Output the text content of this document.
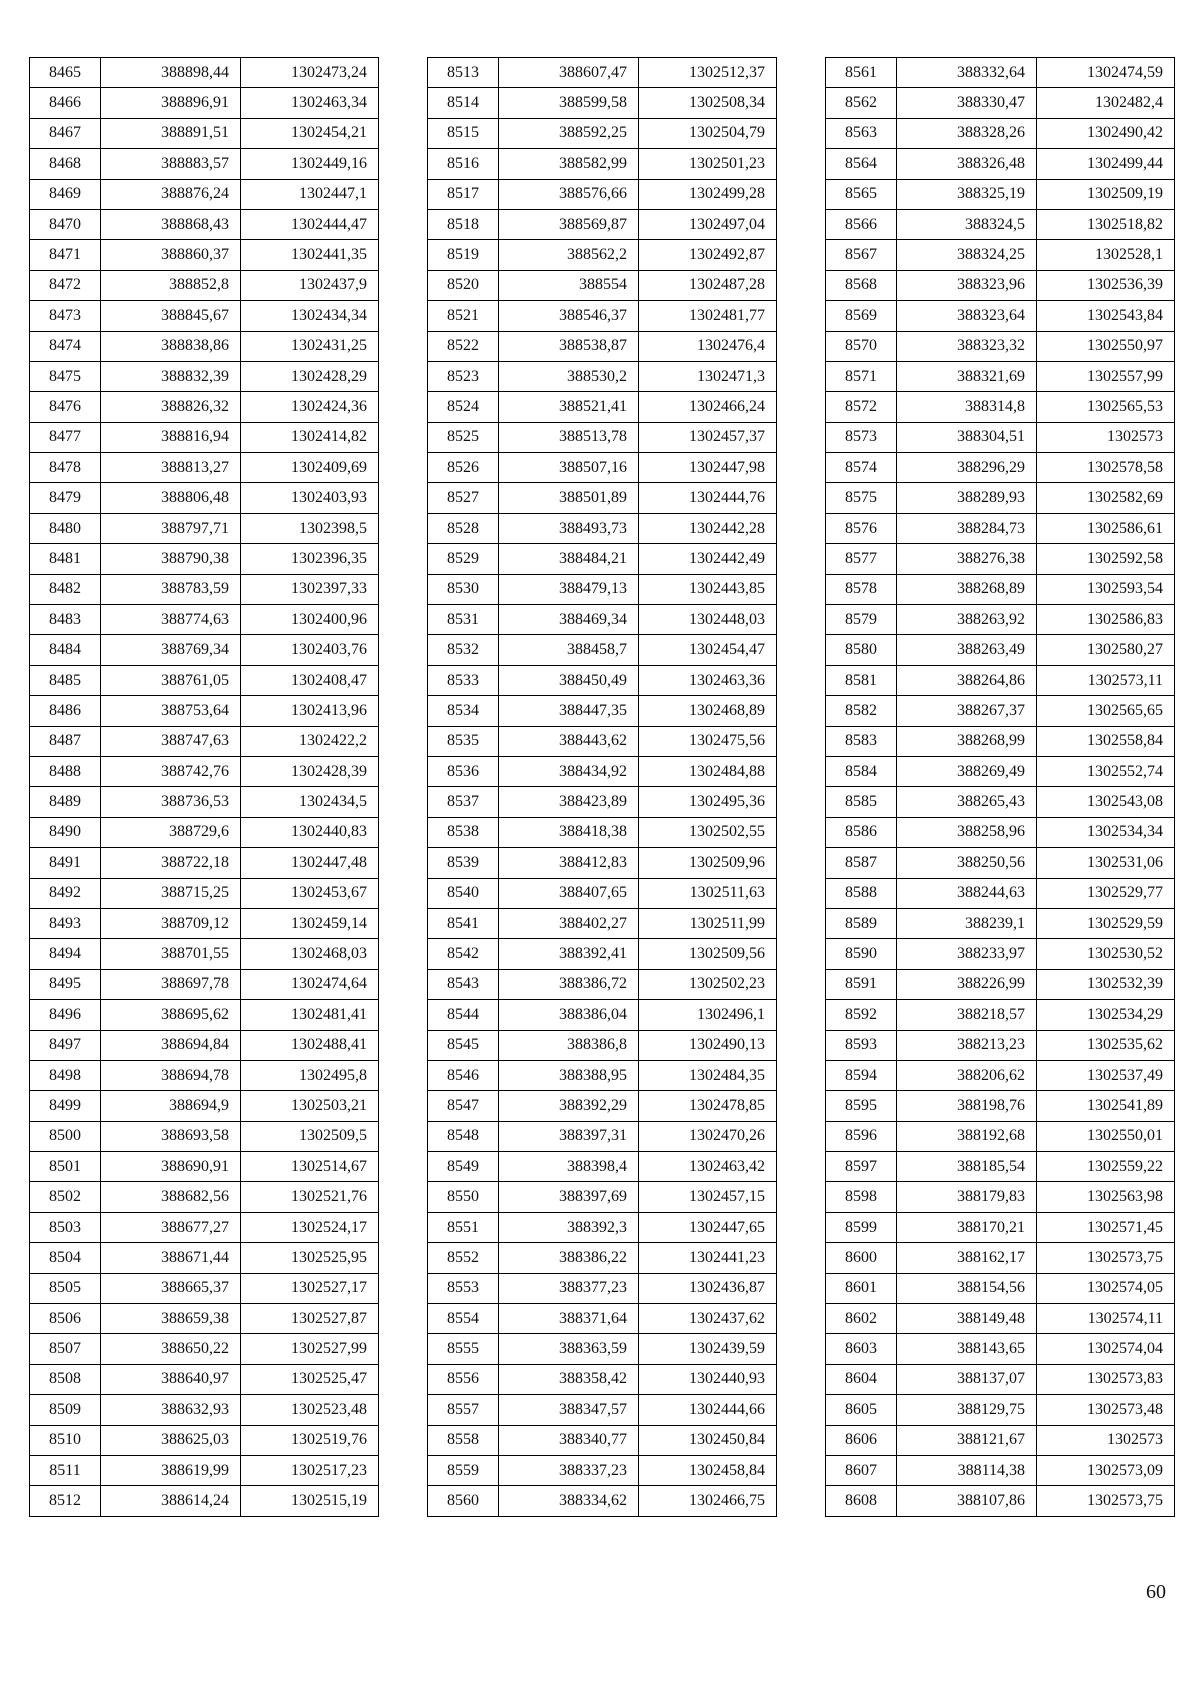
8465	388898,44	1302473,24
8466	388896,91	1302463,34
8467	388891,51	1302454,21
8468	388883,57	1302449,16
8469	388876,24	1302447,1
8470	388868,43	1302444,47
8471	388860,37	1302441,35
8472	388852,8	1302437,9
8473	388845,67	1302434,34
8474	388838,86	1302431,25
8475	388832,39	1302428,29
8476	388826,32	1302424,36
8477	388816,94	1302414,82
8478	388813,27	1302409,69
8479	388806,48	1302403,93
8480	388797,71	1302398,5
8481	388790,38	1302396,35
8482	388783,59	1302397,33
8483	388774,63	1302400,96
8484	388769,34	1302403,76
8485	388761,05	1302408,47
8486	388753,64	1302413,96
8487	388747,63	1302422,2
8488	388742,76	1302428,39
8489	388736,53	1302434,5
8490	388729,6	1302440,83
8491	388722,18	1302447,48
8492	388715,25	1302453,67
8493	388709,12	1302459,14
8494	388701,55	1302468,03
8495	388697,78	1302474,64
8496	388695,62	1302481,41
8497	388694,84	1302488,41
8498	388694,78	1302495,8
8499	388694,9	1302503,21
8500	388693,58	1302509,5
8501	388690,91	1302514,67
8502	388682,56	1302521,76
8503	388677,27	1302524,17
8504	388671,44	1302525,95
8505	388665,37	1302527,17
8506	388659,38	1302527,87
8507	388650,22	1302527,99
8508	388640,97	1302525,47
8509	388632,93	1302523,48
8510	388625,03	1302519,76
8511	388619,99	1302517,23
8512	388614,24	1302515,19
8513	388607,47	1302512,37
8514	388599,58	1302508,34
8515	388592,25	1302504,79
8516	388582,99	1302501,23
8517	388576,66	1302499,28
8518	388569,87	1302497,04
8519	388562,2	1302492,87
8520	388554	1302487,28
8521	388546,37	1302481,77
8522	388538,87	1302476,4
8523	388530,2	1302471,3
8524	388521,41	1302466,24
8525	388513,78	1302457,37
8526	388507,16	1302447,98
8527	388501,89	1302444,76
8528	388493,73	1302442,28
8529	388484,21	1302442,49
8530	388479,13	1302443,85
8531	388469,34	1302448,03
8532	388458,7	1302454,47
8533	388450,49	1302463,36
8534	388447,35	1302468,89
8535	388443,62	1302475,56
8536	388434,92	1302484,88
8537	388423,89	1302495,36
8538	388418,38	1302502,55
8539	388412,83	1302509,96
8540	388407,65	1302511,63
8541	388402,27	1302511,99
8542	388392,41	1302509,56
8543	388386,72	1302502,23
8544	388386,04	1302496,1
8545	388386,8	1302490,13
8546	388388,95	1302484,35
8547	388392,29	1302478,85
8548	388397,31	1302470,26
8549	388398,4	1302463,42
8550	388397,69	1302457,15
8551	388392,3	1302447,65
8552	388386,22	1302441,23
8553	388377,23	1302436,87
8554	388371,64	1302437,62
8555	388363,59	1302439,59
8556	388358,42	1302440,93
8557	388347,57	1302444,66
8558	388340,77	1302450,84
8559	388337,23	1302458,84
8560	388334,62	1302466,75
8561	388332,64	1302474,59
8562	388330,47	1302482,4
8563	388328,26	1302490,42
8564	388326,48	1302499,44
8565	388325,19	1302509,19
8566	388324,5	1302518,82
8567	388324,25	1302528,1
8568	388323,96	1302536,39
8569	388323,64	1302543,84
8570	388323,32	1302550,97
8571	388321,69	1302557,99
8572	388314,8	1302565,53
8573	388304,51	1302573
8574	388296,29	1302578,58
8575	388289,93	1302582,69
8576	388284,73	1302586,61
8577	388276,38	1302592,58
8578	388268,89	1302593,54
8579	388263,92	1302586,83
8580	388263,49	1302580,27
8581	388264,86	1302573,11
8582	388267,37	1302565,65
8583	388268,99	1302558,84
8584	388269,49	1302552,74
8585	388265,43	1302543,08
8586	388258,96	1302534,34
8587	388250,56	1302531,06
8588	388244,63	1302529,77
8589	388239,1	1302529,59
8590	388233,97	1302530,52
8591	388226,99	1302532,39
8592	388218,57	1302534,29
8593	388213,23	1302535,62
8594	388206,62	1302537,49
8595	388198,76	1302541,89
8596	388192,68	1302550,01
8597	388185,54	1302559,22
8598	388179,83	1302563,98
8599	388170,21	1302571,45
8600	388162,17	1302573,75
8601	388154,56	1302574,05
8602	388149,48	1302574,11
8603	388143,65	1302574,04
8604	388137,07	1302573,83
8605	388129,75	1302573,48
8606	388121,67	1302573
8607	388114,38	1302573,09
8608	388107,86	1302573,75
60
